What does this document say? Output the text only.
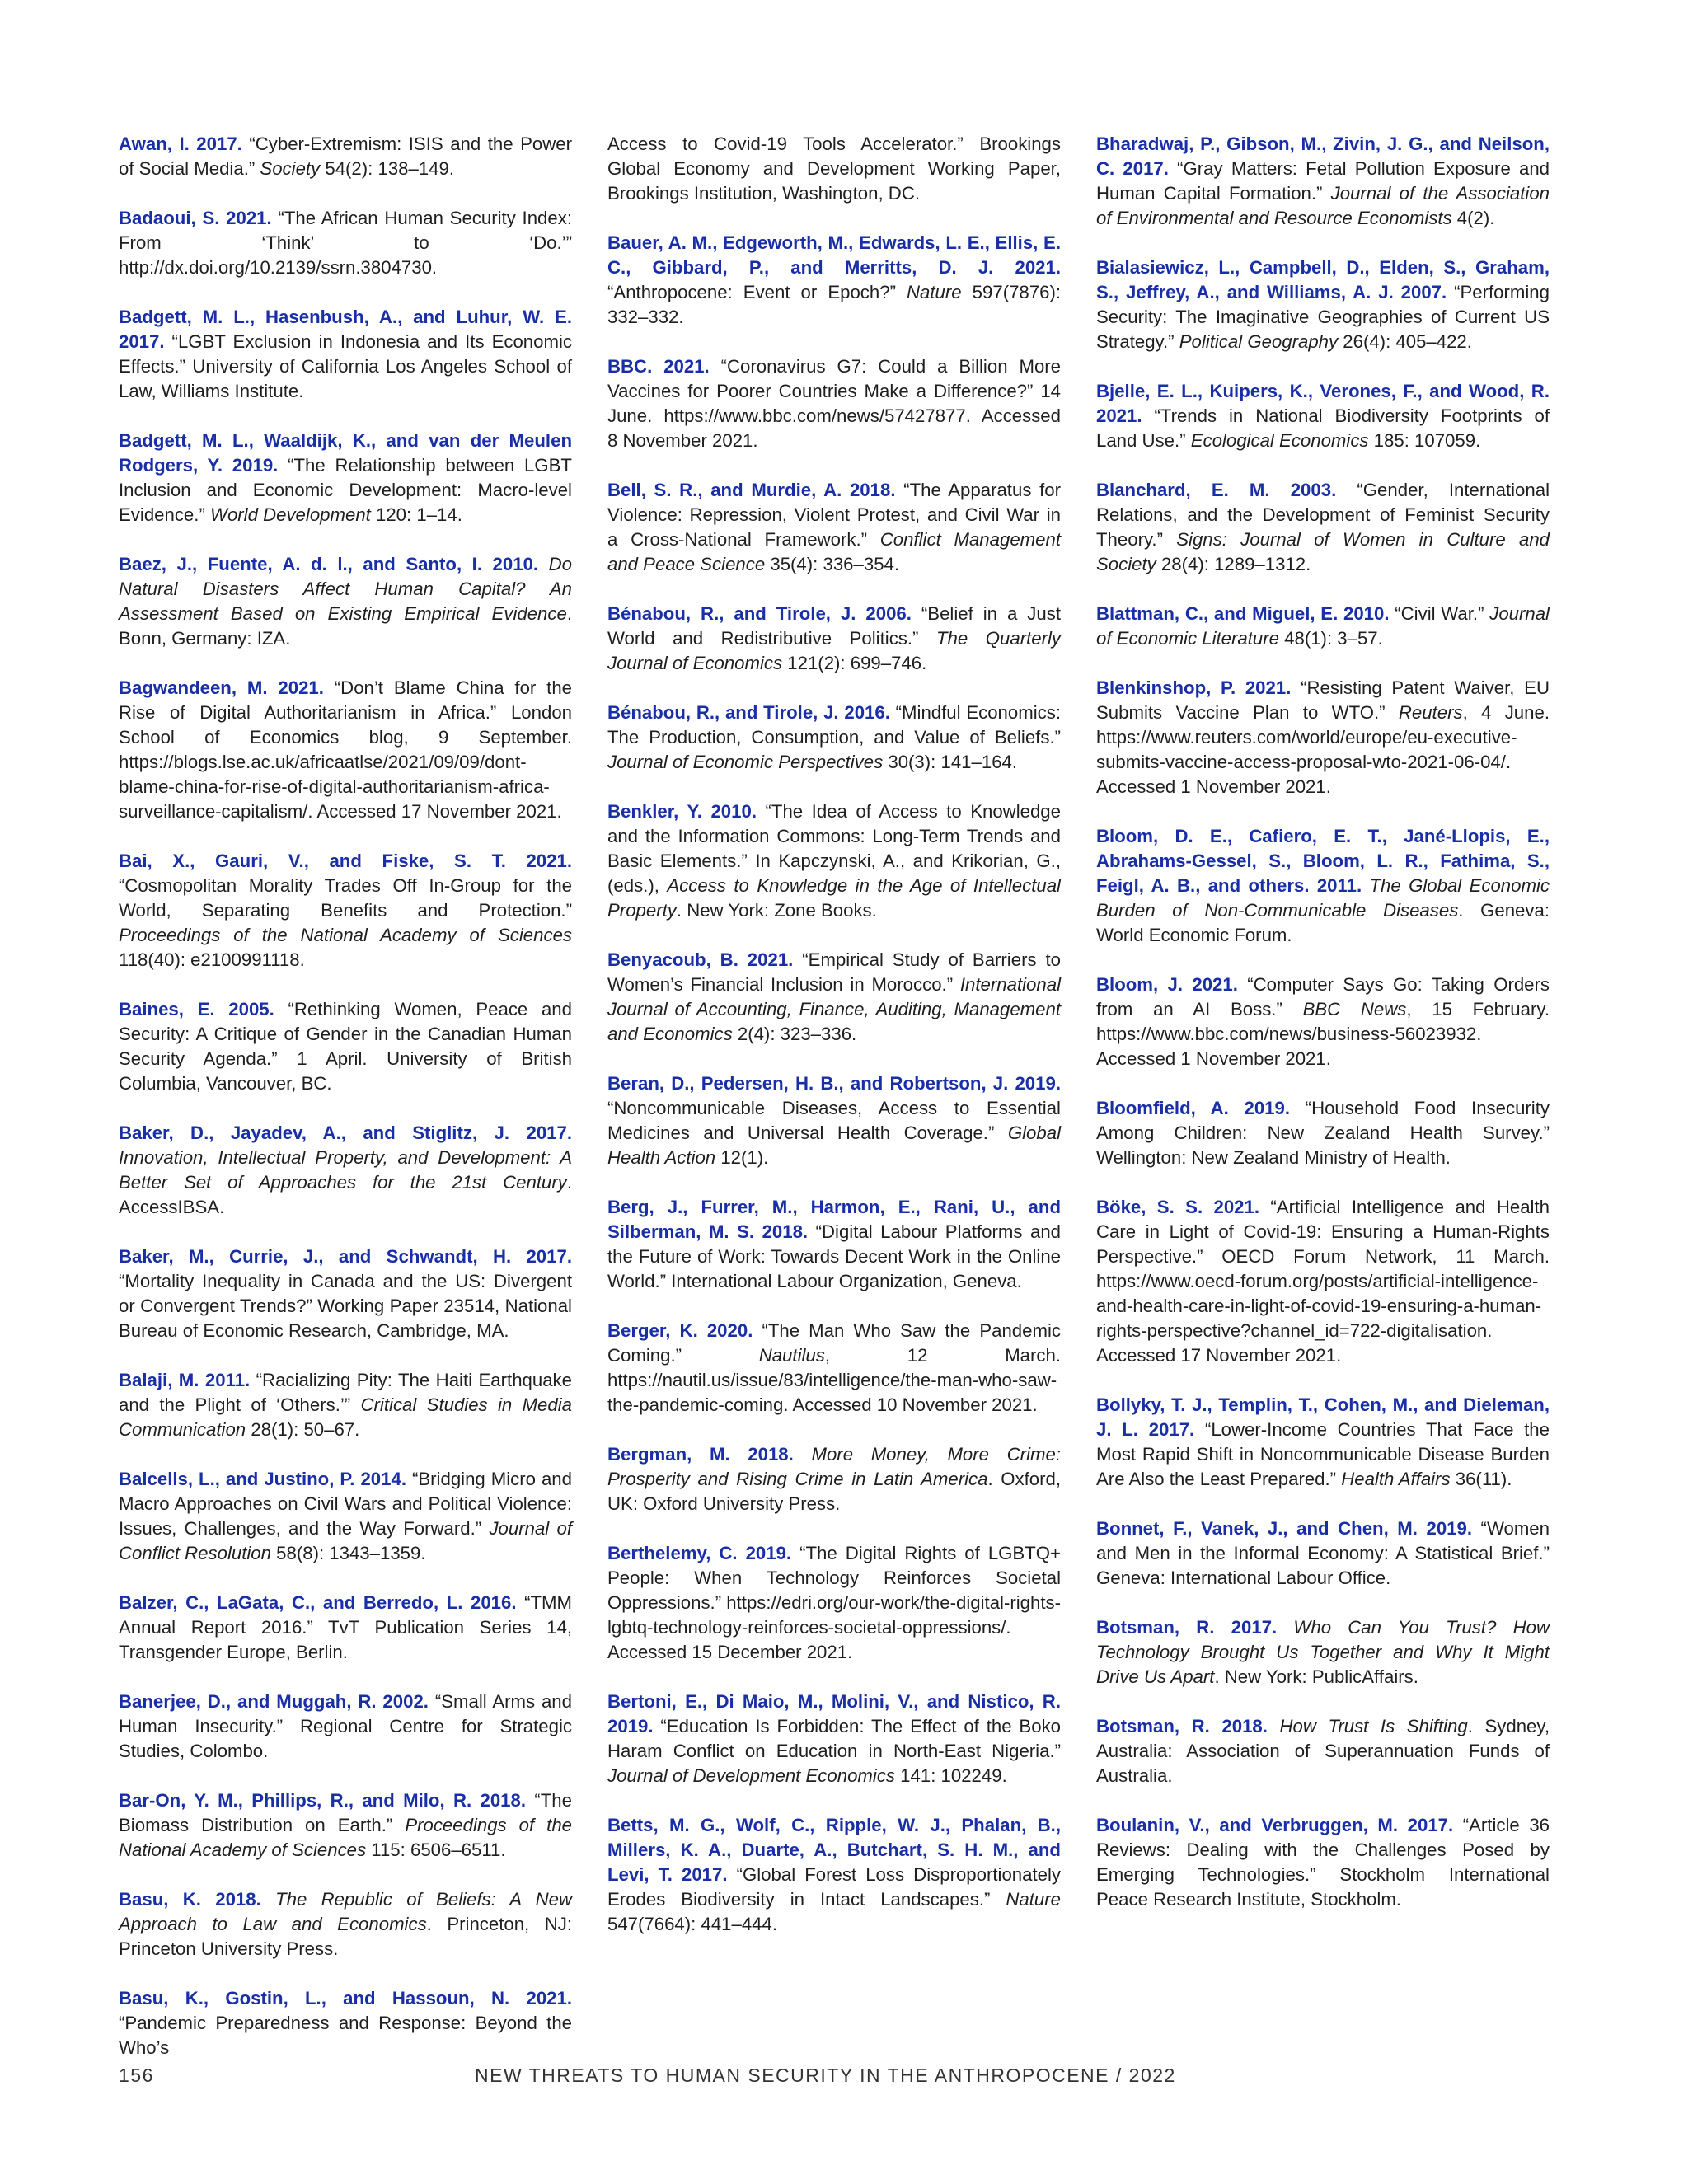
Awan, I. 2017. “Cyber-Extremism: ISIS and the Power of Social Media.” Society 54(2): 138–149.

Badaoui, S. 2021. “The African Human Security Index: From ‘Think’ to ‘Do.’” http://dx.doi.org/10.2139/ssrn.3804730.

Badgett, M. L., Hasenbush, A., and Luhur, W. E. 2017. “LGBT Exclusion in Indonesia and Its Economic Effects.” University of California Los Angeles School of Law, Williams Institute.

Badgett, M. L., Waaldijk, K., and van der Meulen Rodgers, Y. 2019. “The Relationship between LGBT Inclusion and Economic Development: Macro-level Evidence.” World Development 120: 1–14.

Baez, J., Fuente, A. d. l., and Santo, I. 2010. Do Natural Disasters Affect Human Capital? An Assessment Based on Existing Empirical Evidence. Bonn, Germany: IZA.

Bagwandeen, M. 2021. “Don’t Blame China for the Rise of Digital Authoritarianism in Africa.” London School of Economics blog, 9 September. https://blogs.lse.ac.uk/africaatlse/2021/09/09/dont-blame-china-for-rise-of-digital-authoritarianism-africa-surveillance-capitalism/. Accessed 17 November 2021.

Bai, X., Gauri, V., and Fiske, S. T. 2021. “Cosmopolitan Morality Trades Off In-Group for the World, Separating Benefits and Protection.” Proceedings of the National Academy of Sciences 118(40): e2100991118.

Baines, E. 2005. “Rethinking Women, Peace and Security: A Critique of Gender in the Canadian Human Security Agenda.” 1 April. University of British Columbia, Vancouver, BC.

Baker, D., Jayadev, A., and Stiglitz, J. 2017. Innovation, Intellectual Property, and Development: A Better Set of Approaches for the 21st Century. AccessIBSA.

Baker, M., Currie, J., and Schwandt, H. 2017. “Mortality Inequality in Canada and the US: Divergent or Convergent Trends?” Working Paper 23514, National Bureau of Economic Research, Cambridge, MA.

Balaji, M. 2011. “Racializing Pity: The Haiti Earthquake and the Plight of ‘Others.’” Critical Studies in Media Communication 28(1): 50–67.

Balcells, L., and Justino, P. 2014. “Bridging Micro and Macro Approaches on Civil Wars and Political Violence: Issues, Challenges, and the Way Forward.” Journal of Conflict Resolution 58(8): 1343–1359.

Balzer, C., LaGata, C., and Berredo, L. 2016. “TMM Annual Report 2016.” TvT Publication Series 14, Transgender Europe, Berlin.

Banerjee, D., and Muggah, R. 2002. “Small Arms and Human Insecurity.” Regional Centre for Strategic Studies, Colombo.

Bar-On, Y. M., Phillips, R., and Milo, R. 2018. “The Biomass Distribution on Earth.” Proceedings of the National Academy of Sciences 115: 6506–6511.

Basu, K. 2018. The Republic of Beliefs: A New Approach to Law and Economics. Princeton, NJ: Princeton University Press.

Basu, K., Gostin, L., and Hassoun, N. 2021. “Pandemic Preparedness and Response: Beyond the Who’s

Access to Covid-19 Tools Accelerator.” Brookings Global Economy and Development Working Paper, Brookings Institution, Washington, DC.

Bauer, A. M., Edgeworth, M., Edwards, L. E., Ellis, E. C., Gibbard, P., and Merritts, D. J. 2021. “Anthropocene: Event or Epoch?” Nature 597(7876): 332–332.

BBC. 2021. “Coronavirus G7: Could a Billion More Vaccines for Poorer Countries Make a Difference?” 14 June. https://www.bbc.com/news/57427877. Accessed 8 November 2021.

Bell, S. R., and Murdie, A. 2018. “The Apparatus for Violence: Repression, Violent Protest, and Civil War in a Cross-National Framework.” Conflict Management and Peace Science 35(4): 336–354.

Bénabou, R., and Tirole, J. 2006. “Belief in a Just World and Redistributive Politics.” The Quarterly Journal of Economics 121(2): 699–746.

Bénabou, R., and Tirole, J. 2016. “Mindful Economics: The Production, Consumption, and Value of Beliefs.” Journal of Economic Perspectives 30(3): 141–164.

Benkler, Y. 2010. “The Idea of Access to Knowledge and the Information Commons: Long-Term Trends and Basic Elements.” In Kapczynski, A., and Krikorian, G., (eds.), Access to Knowledge in the Age of Intellectual Property. New York: Zone Books.

Benyacoub, B. 2021. “Empirical Study of Barriers to Women’s Financial Inclusion in Morocco.” International Journal of Accounting, Finance, Auditing, Management and Economics 2(4): 323–336.

Beran, D., Pedersen, H. B., and Robertson, J. 2019. “Noncommunicable Diseases, Access to Essential Medicines and Universal Health Coverage.” Global Health Action 12(1).

Berg, J., Furrer, M., Harmon, E., Rani, U., and Silberman, M. S. 2018. “Digital Labour Platforms and the Future of Work: Towards Decent Work in the Online World.” International Labour Organization, Geneva.

Berger, K. 2020. “The Man Who Saw the Pandemic Coming.” Nautilus, 12 March. https://nautil.us/issue/83/intelligence/the-man-who-saw-the-pandemic-coming. Accessed 10 November 2021.

Bergman, M. 2018. More Money, More Crime: Prosperity and Rising Crime in Latin America. Oxford, UK: Oxford University Press.

Berthelemy, C. 2019. “The Digital Rights of LGBTQ+ People: When Technology Reinforces Societal Oppressions.” https://edri.org/our-work/the-digital-rights-lgbtq-technology-reinforces-societal-oppressions/. Accessed 15 December 2021.

Bertoni, E., Di Maio, M., Molini, V., and Nistico, R. 2019. “Education Is Forbidden: The Effect of the Boko Haram Conflict on Education in North-East Nigeria.” Journal of Development Economics 141: 102249.

Betts, M. G., Wolf, C., Ripple, W. J., Phalan, B., Millers, K. A., Duarte, A., Butchart, S. H. M., and Levi, T. 2017. “Global Forest Loss Disproportionately Erodes Biodiversity in Intact Landscapes.” Nature 547(7664): 441–444.

Bharadwaj, P., Gibson, M., Zivin, J. G., and Neilson, C. 2017. “Gray Matters: Fetal Pollution Exposure and Human Capital Formation.” Journal of the Association of Environmental and Resource Economists 4(2).

Bialasiewicz, L., Campbell, D., Elden, S., Graham, S., Jeffrey, A., and Williams, A. J. 2007. “Performing Security: The Imaginative Geographies of Current US Strategy.” Political Geography 26(4): 405–422.

Bjelle, E. L., Kuipers, K., Verones, F., and Wood, R. 2021. “Trends in National Biodiversity Footprints of Land Use.” Ecological Economics 185: 107059.

Blanchard, E. M. 2003. “Gender, International Relations, and the Development of Feminist Security Theory.” Signs: Journal of Women in Culture and Society 28(4): 1289–1312.

Blattman, C., and Miguel, E. 2010. “Civil War.” Journal of Economic Literature 48(1): 3–57.

Blenkinshop, P. 2021. “Resisting Patent Waiver, EU Submits Vaccine Plan to WTO.” Reuters, 4 June. https://www.reuters.com/world/europe/eu-executive-submits-vaccine-access-proposal-wto-2021-06-04/. Accessed 1 November 2021.

Bloom, D. E., Cafiero, E. T., Jané-Llopis, E., Abrahams-Gessel, S., Bloom, L. R., Fathima, S., Feigl, A. B., and others. 2011. The Global Economic Burden of Non-Communicable Diseases. Geneva: World Economic Forum.

Bloom, J. 2021. “Computer Says Go: Taking Orders from an AI Boss.” BBC News, 15 February. https://www.bbc.com/news/business-56023932. Accessed 1 November 2021.

Bloomfield, A. 2019. “Household Food Insecurity Among Children: New Zealand Health Survey.” Wellington: New Zealand Ministry of Health.

Böke, S. S. 2021. “Artificial Intelligence and Health Care in Light of Covid-19: Ensuring a Human-Rights Perspective.” OECD Forum Network, 11 March. https://www.oecd-forum.org/posts/artificial-intelligence-and-health-care-in-light-of-covid-19-ensuring-a-human-rights-perspective?channel_id=722-digitalisation. Accessed 17 November 2021.

Bollyky, T. J., Templin, T., Cohen, M., and Dieleman, J. L. 2017. “Lower-Income Countries That Face the Most Rapid Shift in Noncommunicable Disease Burden Are Also the Least Prepared.” Health Affairs 36(11).

Bonnet, F., Vanek, J., and Chen, M. 2019. “Women and Men in the Informal Economy: A Statistical Brief.” Geneva: International Labour Office.

Botsman, R. 2017. Who Can You Trust? How Technology Brought Us Together and Why It Might Drive Us Apart. New York: PublicAffairs.

Botsman, R. 2018. How Trust Is Shifting. Sydney, Australia: Association of Superannuation Funds of Australia.

Boulanin, V., and Verbruggen, M. 2017. “Article 36 Reviews: Dealing with the Challenges Posed by Emerging Technologies.” Stockholm International Peace Research Institute, Stockholm.

156	NEW THREATS TO HUMAN SECURITY IN THE ANTHROPOCENE / 2022
